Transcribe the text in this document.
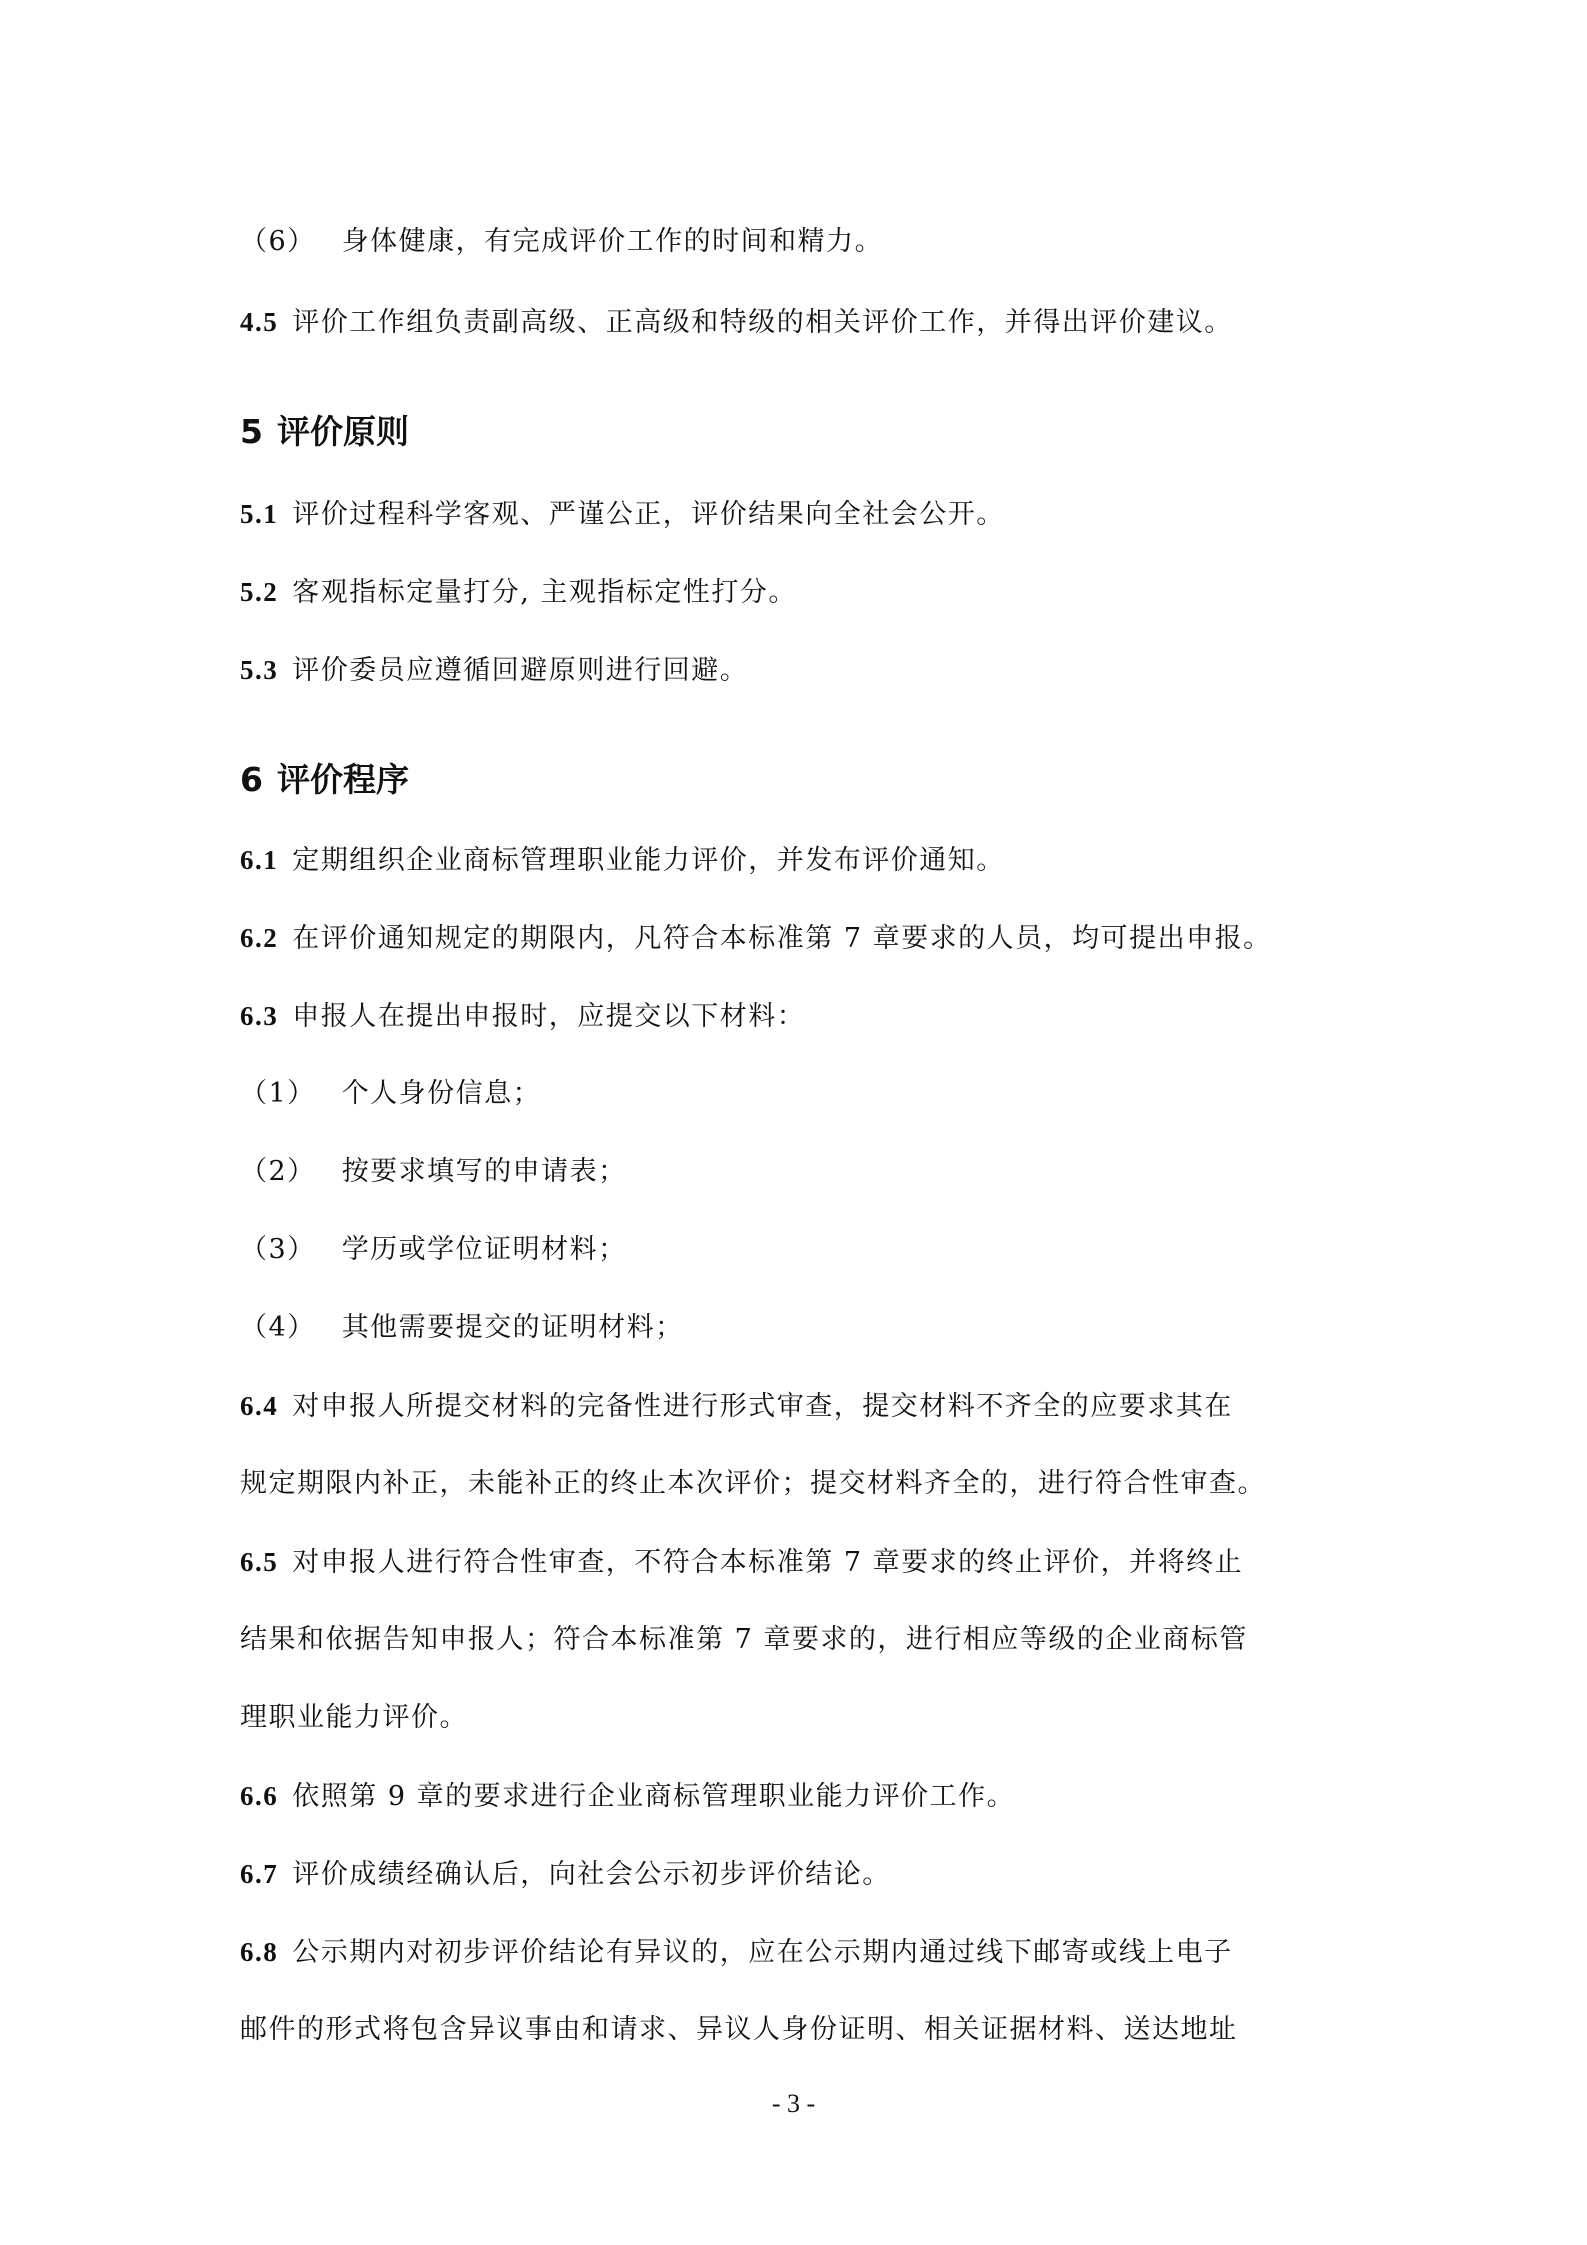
（6） 身体健康，有完成评价工作的时间和精力。
4.5 评价工作组负责副高级、正高级和特级的相关评价工作，并得出评价建议。
5 评价原则
5.1 评价过程科学客观、严谨公正，评价结果向全社会公开。
5.2 客观指标定量打分, 主观指标定性打分。
5.3 评价委员应遵循回避原则进行回避。
6 评价程序
6.1 定期组织企业商标管理职业能力评价，并发布评价通知。
6.2 在评价通知规定的期限内，凡符合本标准第 7 章要求的人员，均可提出申报。
6.3 申报人在提出申报时，应提交以下材料：
（1） 个人身份信息；
（2） 按要求填写的申请表；
（3） 学历或学位证明材料；
（4） 其他需要提交的证明材料；
6.4 对申报人所提交材料的完备性进行形式审查，提交材料不齐全的应要求其在
规定期限内补正，未能补正的终止本次评价；提交材料齐全的，进行符合性审查。
6.5 对申报人进行符合性审查，不符合本标准第 7 章要求的终止评价，并将终止
结果和依据告知申报人；符合本标准第 7 章要求的，进行相应等级的企业商标管
理职业能力评价。
6.6 依照第 9 章的要求进行企业商标管理职业能力评价工作。
6.7 评价成绩经确认后，向社会公示初步评价结论。
6.8 公示期内对初步评价结论有异议的，应在公示期内通过线下邮寄或线上电子
邮件的形式将包含异议事由和请求、异议人身份证明、相关证据材料、送达地址
- 3 -
